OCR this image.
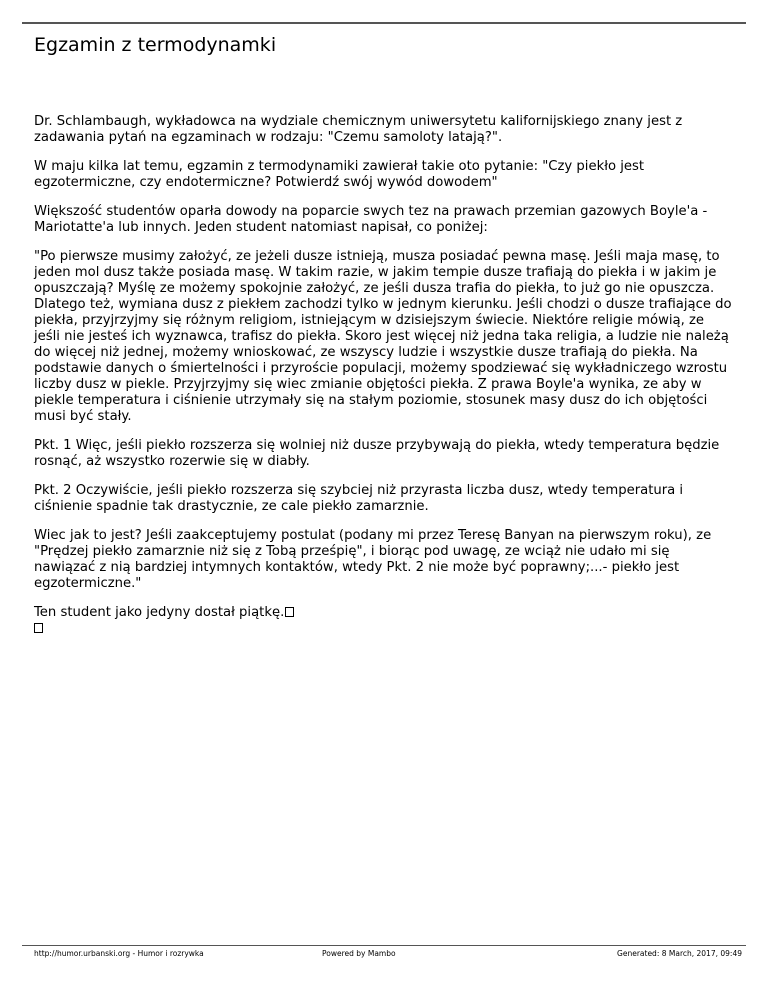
Egzamin z termodynamki

Dr. Schlambaugh, wykładowca na wydziale chemicznym uniwersytetu kalifornijskiego znany jest z zadawania pytań na egzaminach w rodzaju: "Czemu samoloty latają?".

W maju kilka lat temu, egzamin z termodynamiki zawierał takie oto pytanie: "Czy piekło jest egzotermiczne, czy endotermiczne? Potwierdź swój wywód dowodem"

Większość studentów oparła dowody na poparcie swych tez na prawach przemian gazowych Boyle'a - Mariotatte'a lub innych. Jeden student natomiast napisał, co poniżej:

"Po pierwsze musimy założyć, ze jeżeli dusze istnieją, musza posiadać pewna masę. Jeśli maja masę, to jeden mol dusz także posiada masę. W takim razie, w jakim tempie dusze trafiają do piekła i w jakim je opuszczają? Myślę ze możemy spokojnie założyć, ze jeśli dusza trafia do piekła, to już go nie opuszcza. Dlatego też, wymiana dusz z piekłem zachodzi tylko w jednym kierunku. Jeśli chodzi o dusze trafiające do piekła, przyjrzyjmy się różnym religiom, istniejącym w dzisiejszym świecie. Niektóre religie mówią, ze jeśli nie jesteś ich wyznawca, trafisz do piekła. Skoro jest więcej niż jedna taka religia, a ludzie nie należą do więcej niż jednej, możemy wnioskować, ze wszyscy ludzie i wszystkie dusze trafiają do piekła. Na podstawie danych o śmiertelności i przyroście populacji, możemy spodziewać się wykładniczego wzrostu liczby dusz w piekle. Przyjrzyjmy się wiec zmianie objętości piekła. Z prawa Boyle'a wynika, ze aby w piekle temperatura i ciśnienie utrzymały się na stałym poziomie, stosunek masy dusz do ich objętości musi być stały.

Pkt. 1 Więc, jeśli piekło rozszerza się wolniej niż dusze przybywają do piekła, wtedy temperatura będzie rosnąć, aż wszystko rozerwie się w diabły.

Pkt. 2 Oczywiście, jeśli piekło rozszerza się szybciej niż przyrasta liczba dusz, wtedy temperatura i ciśnienie spadnie tak drastycznie, ze cale piekło zamarznie.

Wiec jak to jest? Jeśli zaakceptujemy postulat (podany mi przez Teresę Banyan na pierwszym roku), ze "Prędzej piekło zamarznie niż się z Tobą prześpię", i biorąc pod uwagę, ze wciąż nie udało mi się nawiązać z nią bardziej intymnych kontaktów, wtedy Pkt. 2 nie może być poprawny;...- piekło jest egzotermiczne."

Ten student jako jedyny dostał piątkę.
http://humor.urbanski.org - Humor i rozrywka	Powered by Mambo	Generated: 8 March, 2017, 09:49
